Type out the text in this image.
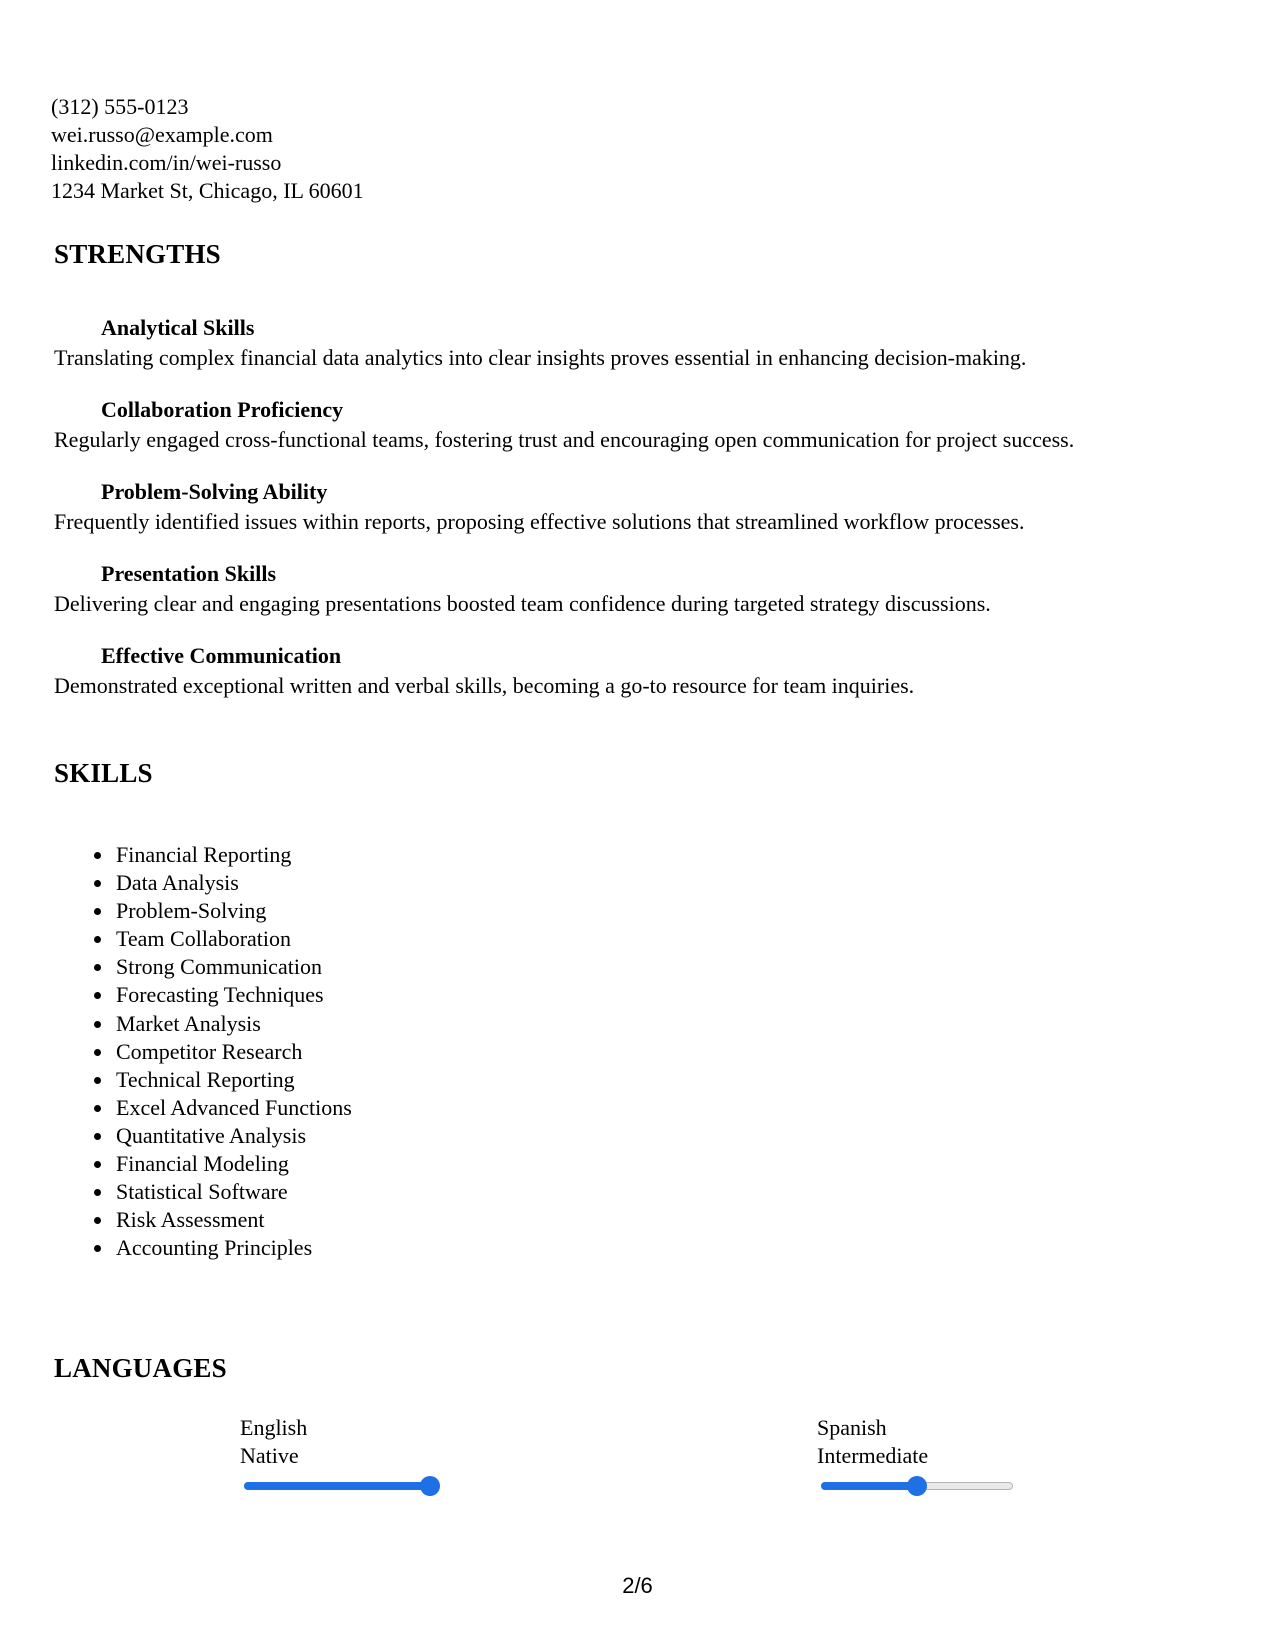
(312) 555-0123
wei.russo@example.com
linkedin.com/in/wei-russo
1234 Market St, Chicago, IL 60601
STRENGTHS
Analytical Skills
Translating complex financial data analytics into clear insights proves essential in enhancing decision-making.
Collaboration Proficiency
Regularly engaged cross-functional teams, fostering trust and encouraging open communication for project success.
Problem-Solving Ability
Frequently identified issues within reports, proposing effective solutions that streamlined workflow processes.
Presentation Skills
Delivering clear and engaging presentations boosted team confidence during targeted strategy discussions.
Effective Communication
Demonstrated exceptional written and verbal skills, becoming a go-to resource for team inquiries.
SKILLS
Financial Reporting
Data Analysis
Problem-Solving
Team Collaboration
Strong Communication
Forecasting Techniques
Market Analysis
Competitor Research
Technical Reporting
Excel Advanced Functions
Quantitative Analysis
Financial Modeling
Statistical Software
Risk Assessment
Accounting Principles
LANGUAGES
English
Native
Spanish
Intermediate
2/6
